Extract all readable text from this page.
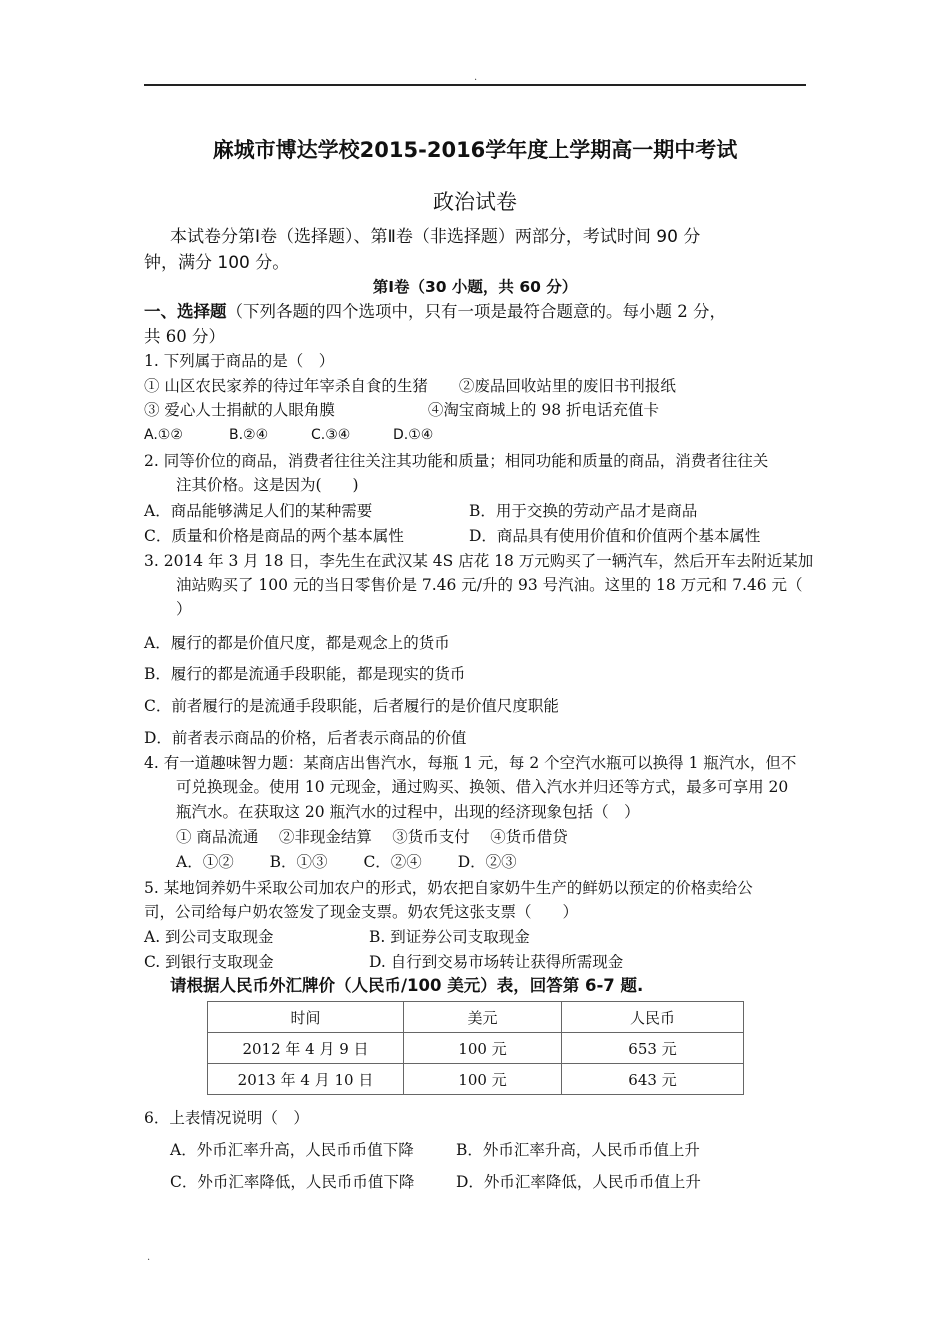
.
麻城市博达学校2015-2016学年度上学期高一期中考试
政治试卷
本试卷分第Ⅰ卷（选择题）、第Ⅱ卷（非选择题）两部分，考试时间 90 分
钟，满分 100 分。
第Ⅰ卷（30 小题，共 60 分）
一、选择题（下列各题的四个选项中，只有一项是最符合题意的。每小题 2 分，
共 60 分）
1. 下列属于商品的是（　）
① 山区农民家养的待过年宰杀自食的生猪　　②废品回收站里的废旧书刊报纸
③ 爱心人士捐献的人眼角膜　　　　　　④淘宝商城上的 98 折电话充值卡
A.①②	B.②④	C.③④	D.①④
2. 同等价位的商品，消费者往往关注其功能和质量；相同功能和质量的商品，消费者往往关
注其价格。这是因为(　　)
A．商品能够满足人们的某种需要	B．用于交换的劳动产品才是商品
C．质量和价格是商品的两个基本属性	D．商品具有使用价值和价值两个基本属性
3. 2014 年 3 月 18 日，李先生在武汉某 4S 店花 18 万元购买了一辆汽车，然后开车去附近某加
油站购买了 100 元的当日零售价是 7.46 元/升的 93 号汽油。这里的 18 万元和 7.46 元（
）
A．履行的都是价值尺度，都是观念上的货币
B．履行的都是流通手段职能，都是现实的货币
C．前者履行的是流通手段职能，后者履行的是价值尺度职能
D．前者表示商品的价格，后者表示商品的价值
4. 有一道趣味智力题：某商店出售汽水，每瓶 1 元，每 2 个空汽水瓶可以换得 1 瓶汽水，但不
可兑换现金。使用 10 元现金，通过购买、换领、借入汽水并归还等方式，最多可享用 20
瓶汽水。在获取这 20 瓶汽水的过程中，出现的经济现象包括（　）
① 商品流通　 ②非现金结算　 ③货币支付　 ④货币借贷
A．①②　　 B．①③　　 C．②④　　 D．②③
5. 某地饲养奶牛采取公司加农户的形式，奶农把自家奶牛生产的鲜奶以预定的价格卖给公
司，公司给每户奶农签发了现金支票。奶农凭这张支票（　　）
A. 到公司支取现金	B. 到证券公司支取现金
C. 到银行支取现金	D. 自行到交易市场转让获得所需现金
请根据人民币外汇牌价（人民币/100 美元）表，回答第 6-7 题.
时间	美元	人民币
2012 年 4 月 9 日	100 元	653 元
2013 年 4 月 10 日	100 元	643 元
6．上表情况说明（　）
A．外币汇率升高，人民币币值下降	B．外币汇率升高，人民币币值上升
C．外币汇率降低，人民币币值下降	D．外币汇率降低，人民币币值上升
.
